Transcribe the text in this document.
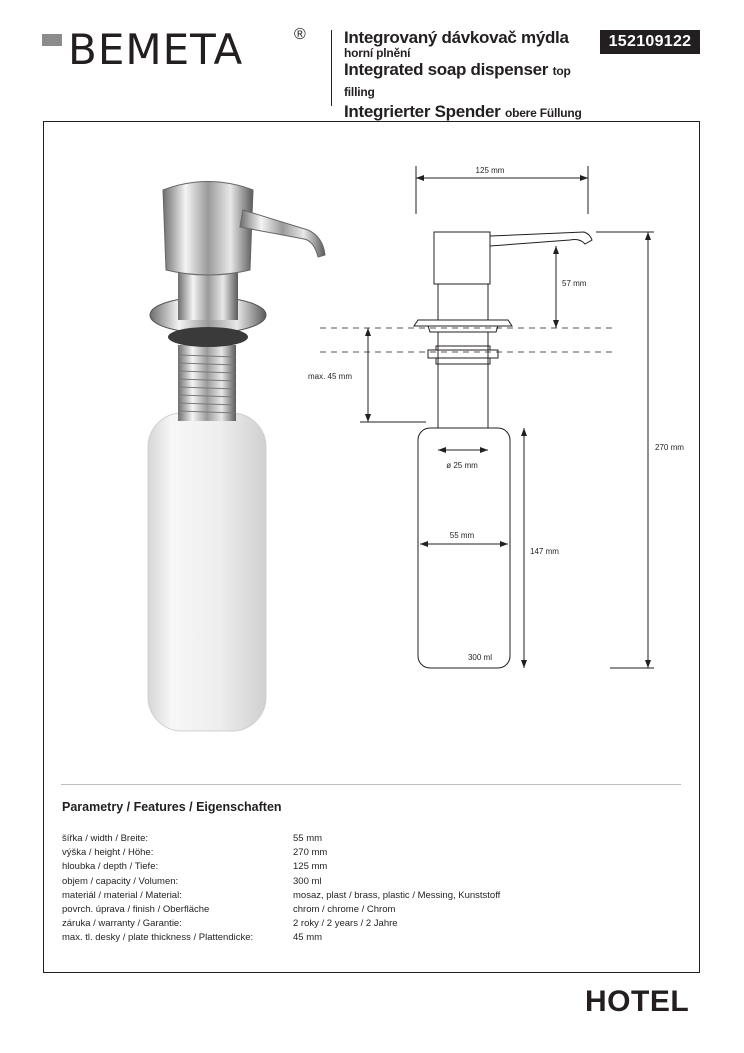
BEMETA	® Integrovaný dávkovač mýdla
horní plnění
Integrated soap dispenser top filling
Integrierter Spender obere Füllung
152109122
125 mm
57 mm
max. 45 mm
ø 25 mm
55 mm
147 mm
270 mm
300 ml
Parametry / Features / Eigenschaften
šířka / width / Breite:	55 mm
výška / height / Höhe:	270 mm
hloubka / depth / Tiefe:	125 mm
objem / capacity / Volumen:	300 ml
materiál / material / Material:	mosaz, plast / brass, plastic / Messing, Kunststoff
povrch. úprava / finish / Oberfläche	chrom / chrome / Chrom
záruka / warranty / Garantie:	2 roky / 2 years / 2 Jahre
max. tl. desky / plate thickness / Plattendicke:	45 mm
HOTEL
